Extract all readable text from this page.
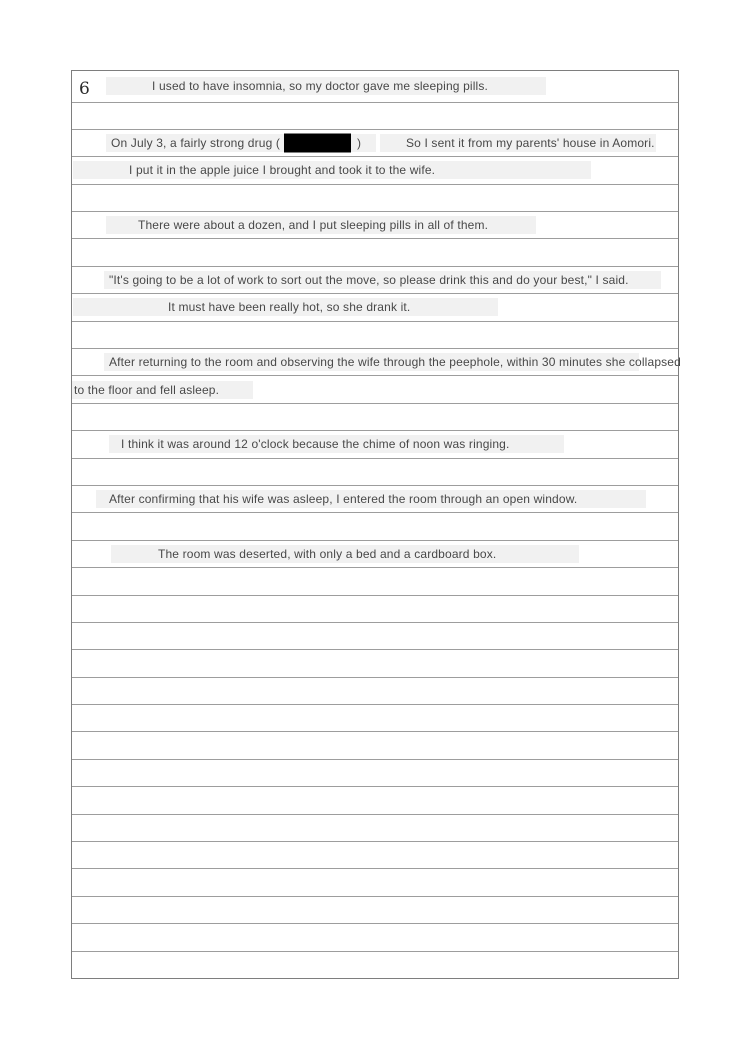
6	I used to have insomnia, so my doctor gave me sleeping pills.
On July 3, a fairly strong drug (	)	So I sent it from my parents' house in Aomori.
I put it in the apple juice I brought and took it to the wife.
There were about a dozen, and I put sleeping pills in all of them.
"It's going to be a lot of work to sort out the move, so please drink this and do your best," I said.
It must have been really hot, so she drank it.
After returning to the room and observing the wife through the peephole, within 30 minutes she collapsed
to the floor and fell asleep.
I think it was around 12 o'clock because the chime of noon was ringing.
After confirming that his wife was asleep, I entered the room through an open window.
The room was deserted, with only a bed and a cardboard box.
